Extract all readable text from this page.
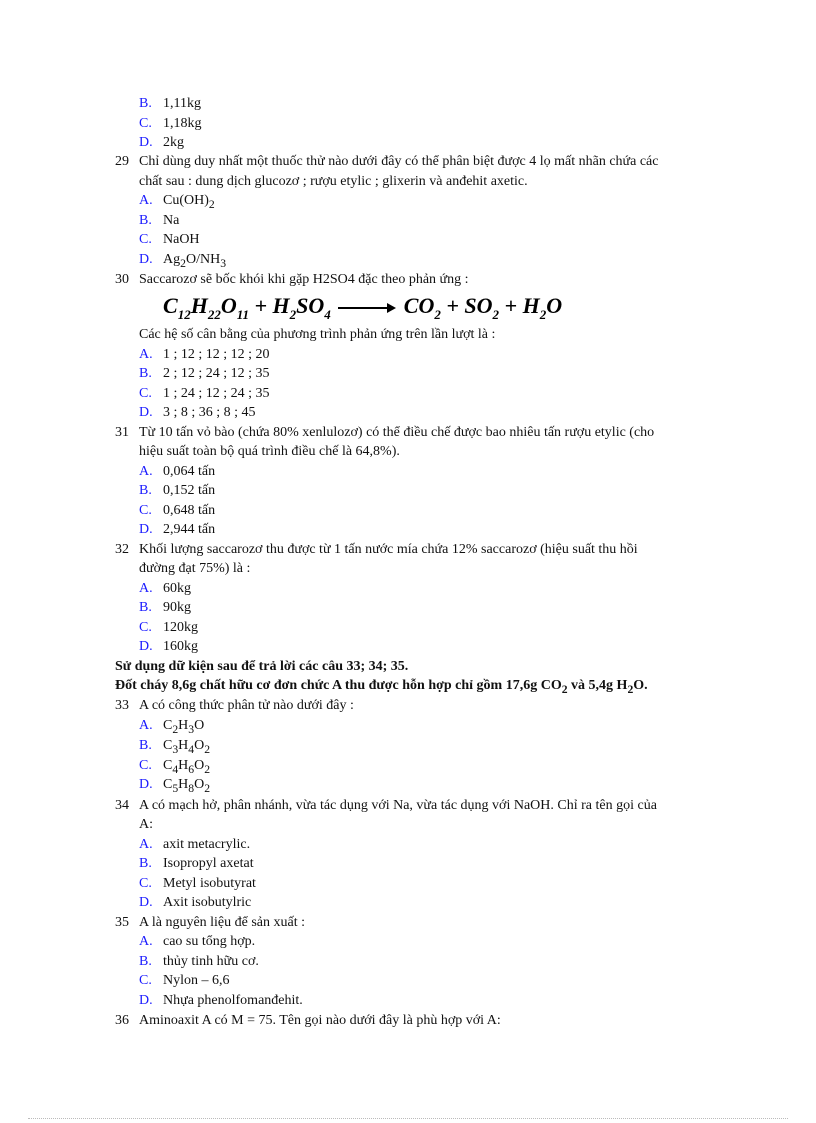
B. 1,11kg
C. 1,18kg
D. 2kg
29 Chỉ dùng duy nhất một thuốc thử nào dưới đây có thể phân biệt được 4 lọ mất nhãn chứa các
chất sau : dung dịch glucozơ ; rượu etylic ; glixerin và anđehit axetic.
A. $Cu(OH)_2$
B. Na
C. NaOH
D. $Ag_2O/NH_3$
30 Saccarozơ sẽ bốc khói khi gặp H2SO4 đặc theo phản ứng :
$C_{12}H_{22}O_{11} + H_2SO_4$	$CO_2 + SO_2 + H_2O$
Các hệ số cân bằng của phương trình phản ứng trên lần lượt là :
A. 1 ; 12 ; 12 ; 12 ; 20
B. 2 ; 12 ; 24 ; 12 ; 35
C. 1 ; 24 ; 12 ; 24 ; 35
D. 3 ; 8 ; 36 ; 8 ; 45
31 Từ 10 tấn vỏ bào (chứa 80% xenlulozơ) có thể điều chế được bao nhiêu tấn rượu etylic (cho
hiệu suất toàn bộ quá trình điều chế là 64,8%).
A. 0,064 tấn
B. 0,152 tấn
C. 0,648 tấn
D. 2,944 tấn
32 Khối lượng saccarozơ thu được từ 1 tấn nước mía chứa 12% saccarozơ (hiệu suất thu hồi
đường đạt 75%) là :
A. 60kg
B. 90kg
C. 120kg
D. 160kg
Sử dụng dữ kiện sau để trả lời các câu 33; 34; 35.
Đốt cháy 8,6g chất hữu cơ đơn chức A thu được hỗn hợp chỉ gồm 17,6g $CO_2$ và 5,4g $H_2O$.
33 A có công thức phân tử nào dưới đây :
A. $C_2H_3O$
B. $C_3H_4O_2$
C. $C_4H_6O_2$
D. $C_5H_8O_2$
34 A có mạch hở, phân nhánh, vừa tác dụng với Na, vừa tác dụng với NaOH. Chỉ ra tên gọi của
A:
A. axit metacrylic.
B. Isopropyl axetat
C. Metyl isobutyrat
D. Axit isobutylric
35 A là nguyên liệu để sản xuất :
A. cao su tổng hợp.
B. thủy tinh hữu cơ.
C. Nylon – 6,6
D. Nhựa phenolfomanđehit.
36 Aminoaxit A có M = 75. Tên gọi nào dưới đây là phù hợp với A:
